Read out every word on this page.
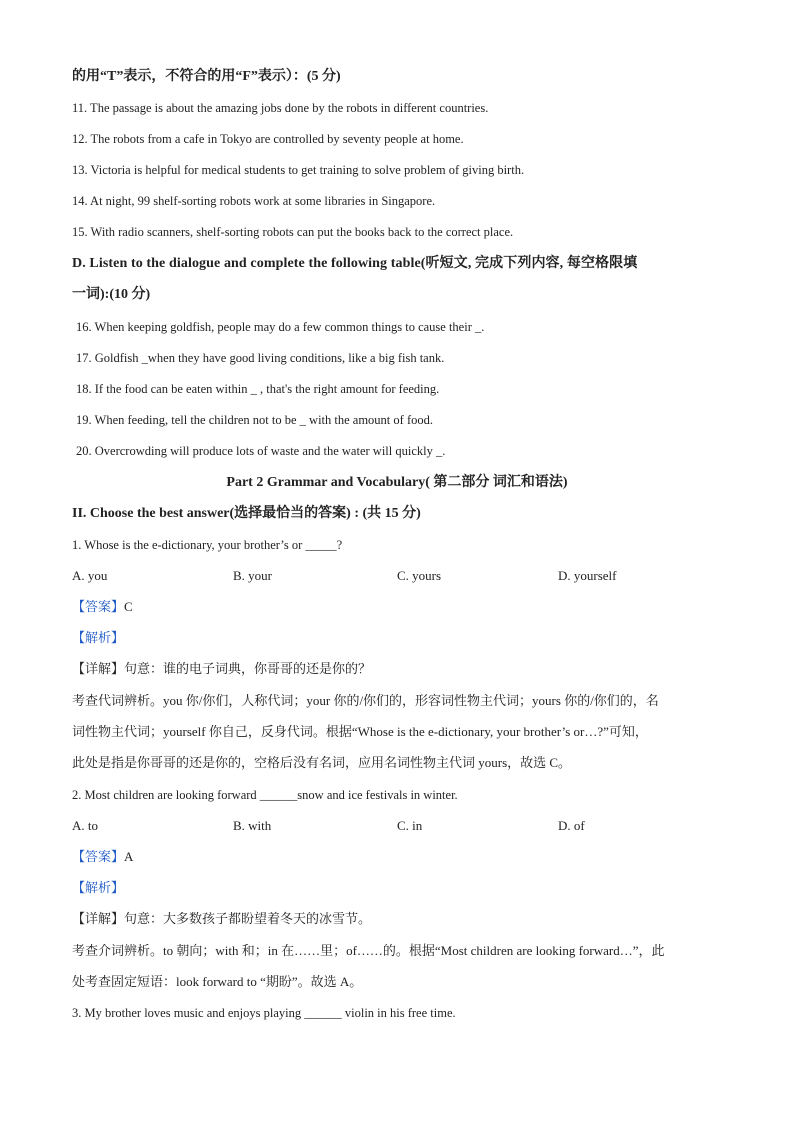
的用“T”表示，不符合的用“F”表示）：(5 分)
11. The passage is about the amazing jobs done by the robots in different countries.
12. The robots from a cafe in Tokyo are controlled by seventy people at home.
13. Victoria is helpful for medical students to get training to solve problem of giving birth.
14. At night, 99 shelf-sorting robots work at some libraries in Singapore.
15. With radio scanners, shelf-sorting robots can put the books back to the correct place.
D. Listen to the dialogue and complete the following table(听短文, 完成下列内容, 每空格限填
一词):(10 分)
16. When keeping goldfish, people may do a few common things to cause their _.
17. Goldfish _when they have good living conditions, like a big fish tank.
18. If the food can be eaten within _ , that's the right amount for feeding.
19. When feeding, tell the children not to be _ with the amount of food.
20. Overcrowding will produce lots of waste and the water will quickly _.
Part 2 Grammar and Vocabulary( 第二部分 词汇和语法)
II. Choose the best answer(选择最恰当的答案) : (共 15 分)
1. Whose is the e-dictionary, your brother’s or _____?
A. you	B. your	C. yours	D. yourself
【答案】C
【解析】
【详解】句意：谁的电子词典，你哥哥的还是你的？
考查代词辨析。you 你/你们，人称代词；your 你的/你们的，形容词性物主代词；yours 你的/你们的，名
词性物主代词；yourself 你自己，反身代词。根据“Whose is the e-dictionary, your brother’s or…?”可知，
此处是指是你哥哥的还是你的，空格后没有名词，应用名词性物主代词 yours，故选 C。
2. Most children are looking forward ______snow and ice festivals in winter.
A. to	B. with	C. in	D. of
【答案】A
【解析】
【详解】句意：大多数孩子都盼望着冬天的冰雪节。
考查介词辨析。to 朝向；with 和；in 在……里；of……的。根据“Most children are looking forward…”，此
处考查固定短语：look forward to “期盼”。故选 A。
3. My brother loves music and enjoys playing ______ violin in his free time.
